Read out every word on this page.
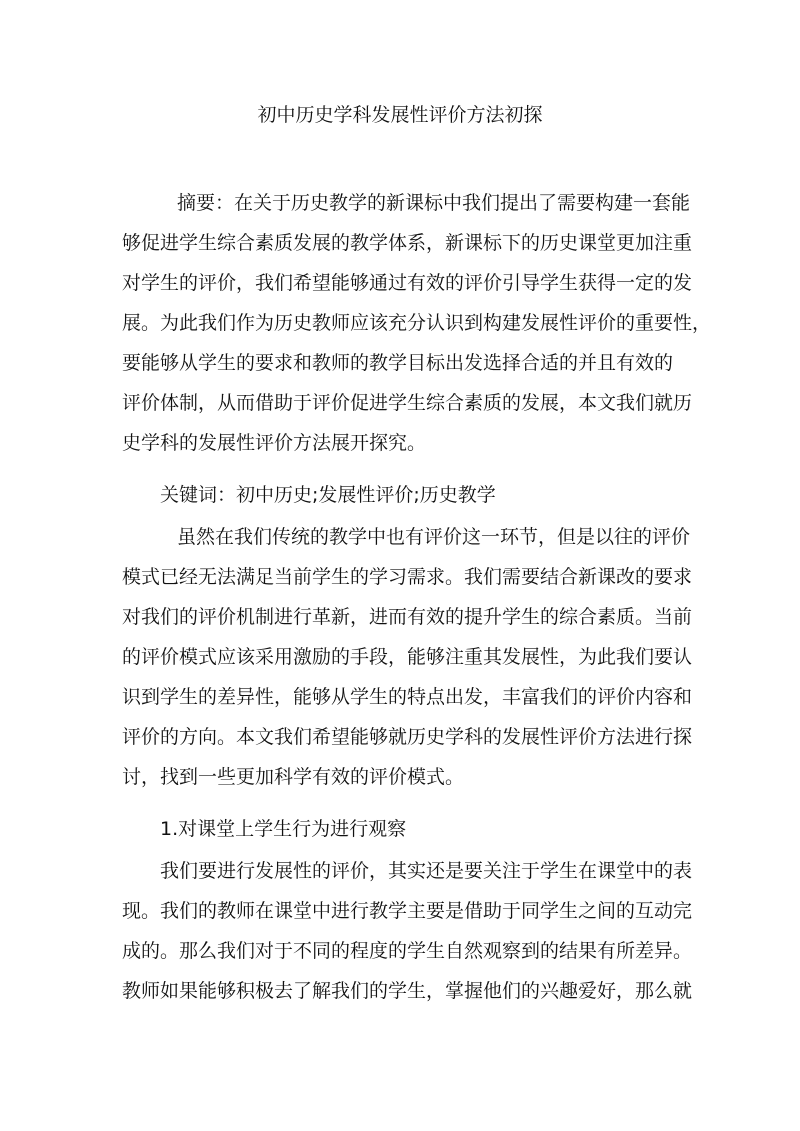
初中历史学科发展性评价方法初探
摘要：在关于历史教学的新课标中我们提出了需要构建一套能
够促进学生综合素质发展的教学体系，新课标下的历史课堂更加注重
对学生的评价，我们希望能够通过有效的评价引导学生获得一定的发
展。为此我们作为历史教师应该充分认识到构建发展性评价的重要性，
要能够从学生的要求和教师的教学目标出发选择合适的并且有效的
评价体制，从而借助于评价促进学生综合素质的发展，本文我们就历
史学科的发展性评价方法展开探究。
关键词：初中历史;发展性评价;历史教学
虽然在我们传统的教学中也有评价这一环节，但是以往的评价
模式已经无法满足当前学生的学习需求。我们需要结合新课改的要求
对我们的评价机制进行革新，进而有效的提升学生的综合素质。当前
的评价模式应该采用激励的手段，能够注重其发展性，为此我们要认
识到学生的差异性，能够从学生的特点出发，丰富我们的评价内容和
评价的方向。本文我们希望能够就历史学科的发展性评价方法进行探
讨，找到一些更加科学有效的评价模式。
1.对课堂上学生行为进行观察
我们要进行发展性的评价，其实还是要关注于学生在课堂中的表
现。我们的教师在课堂中进行教学主要是借助于同学生之间的互动完
成的。那么我们对于不同的程度的学生自然观察到的结果有所差异。
教师如果能够积极去了解我们的学生，掌握他们的兴趣爱好，那么就
